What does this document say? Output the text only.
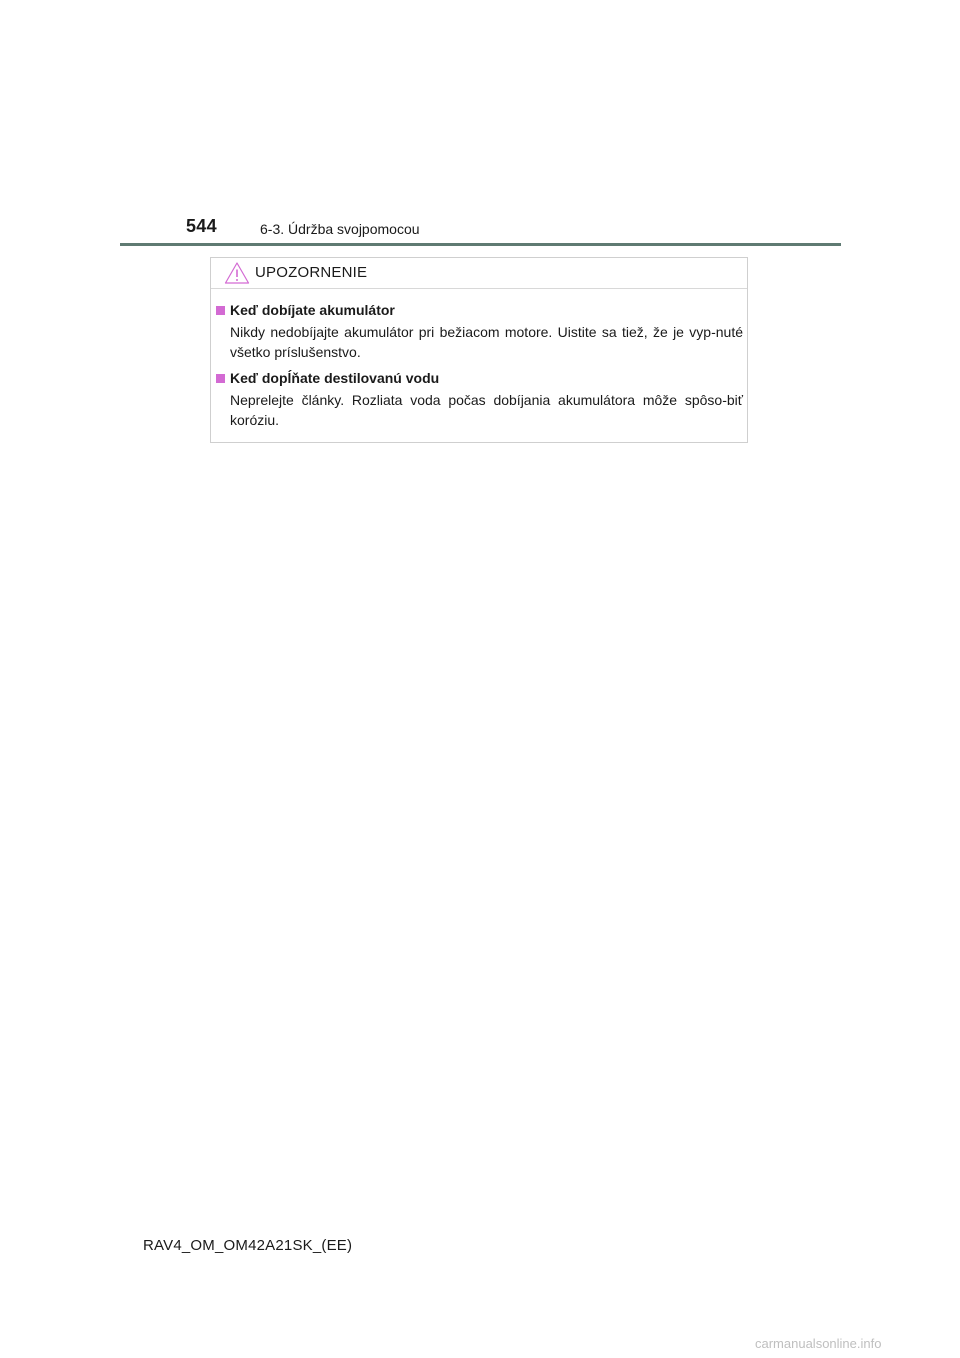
544	6-3. Údržba svojpomocou
UPOZORNENIE
Keď dobíjate akumulátor
Nikdy nedobíjajte akumulátor pri bežiacom motore. Uistite sa tiež, že je vyp-nuté všetko príslušenstvo.
Keď dopĺňate destilovanú vodu
Neprelejte články. Rozliata voda počas dobíjania akumulátora môže spôso-biť koróziu.
RAV4_OM_OM42A21SK_(EE)
carmanualsonline.info
